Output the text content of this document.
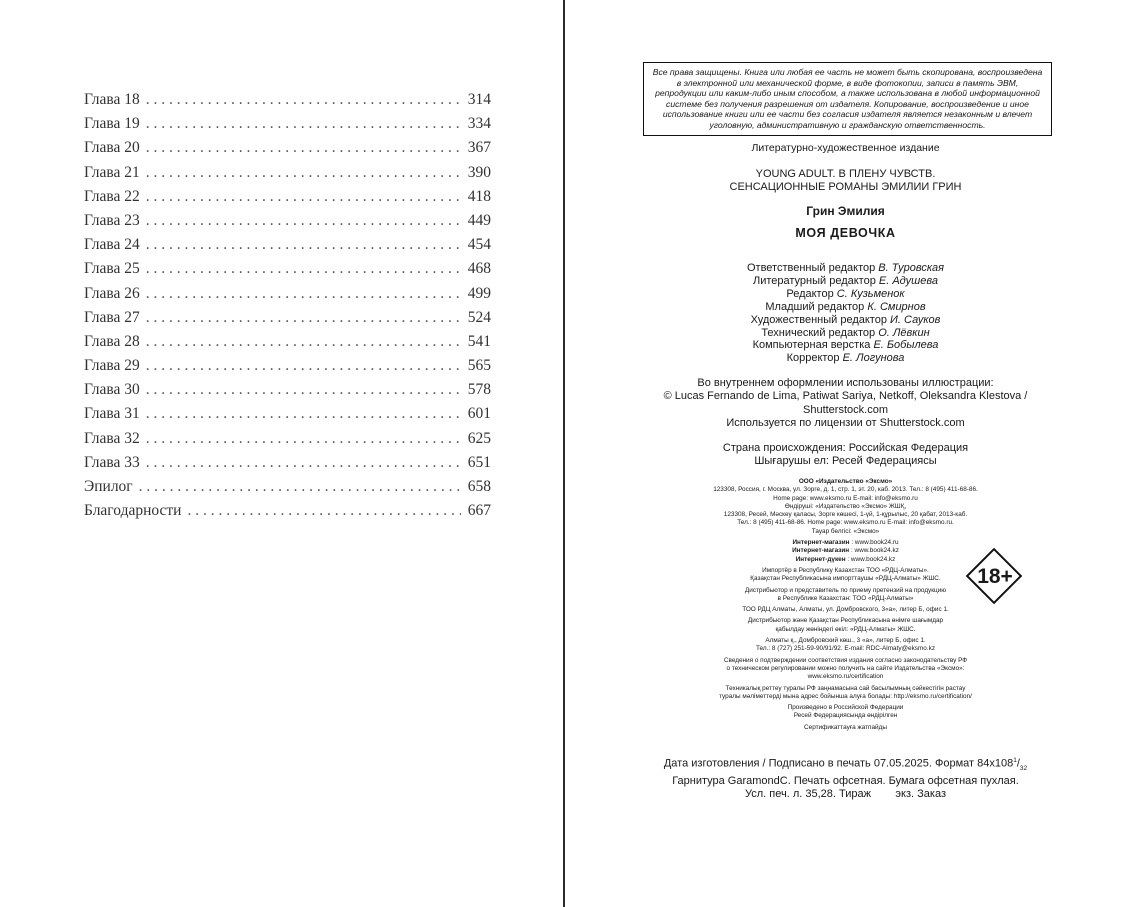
Глава 18 . . .	314
Глава 19 . . .	334
Глава 20 . . .	367
Глава 21 . . .	390
Глава 22 . . .	418
Глава 23 . . .	449
Глава 24 . . .	454
Глава 25 . . .	468
Глава 26 . . .	499
Глава 27 . . .	524
Глава 28 . . .	541
Глава 29 . . .	565
Глава 30 . . .	578
Глава 31 . . .	601
Глава 32 . . .	625
Глава 33 . . .	651
Эпилог . . .	658
Благодарности . . .	667
Все права защищены. Книга или любая ее часть не может быть скопирована, воспроизведена в электронной или механической форме, в виде фотокопии, записи в память ЭВМ, репродукции или каким-либо иным способом, а также использована в любой информационной системе без получения разрешения от издателя. Копирование, воспроизведение и иное использование книги или ее части без согласия издателя является незаконным и влечет уголовную, административную и гражданскую ответственность.
Литературно-художественное издание
YOUNG ADULT. В ПЛЕНУ ЧУВСТВ.
СЕНСАЦИОННЫЕ РОМАНЫ ЭМИЛИИ ГРИН
Грин Эмилия
МОЯ ДЕВОЧКА
Ответственный редактор В. Туровская
Литературный редактор Е. Адушева
Редактор С. Кузьменок
Младший редактор К. Смирнов
Художественный редактор И. Сауков
Технический редактор О. Лёвкин
Компьютерная верстка Е. Бобылева
Корректор Е. Логунова
Во внутреннем оформлении использованы иллюстрации:
© Lucas Fernando de Lima, Patiwat Sariya, Netkoff, Oleksandra Klestova /
Shutterstock.com
Используется по лицензии от Shutterstock.com
Страна происхождения: Российская Федерация
Шығарушы ел: Ресей Федерациясы
ООО «Издательство «Эксмо»
123308, Россия, г. Москва, ул. Зорге, д. 1, стр. 1, эт. 20, каб. 2013. Тел.: 8 (495) 411-68-86.
Home page: www.eksmo.ru E-mail: info@eksmo.ru
Өндіруші: «Издательство «Эксмо» ЖШҚ,
123308, Ресей, Мәскеу қаласы, Зорге көшесі, 1-үй, 1-құрылыс, 20 қабат, 2013-каб.
Тел.: 8 (495) 411-68-86. Home page: www.eksmo.ru E-mail: info@eksmo.ru.
Тауар белгісі: «Эксмо»
Интернет-магазин : www.book24.ru
Интернет-магазин : www.book24.kz
Интернет-дүкен : www.book24.kz
Импортёр в Республику Казахстан ТОО «РДЦ-Алматы».
Қазақстан Республикасына импорттаушы «РДЦ-Алматы» ЖШС.
Дистрибьютор и представитель по приему претензий на продукцию
в Республике Казахстан: ТОО «РДЦ-Алматы»
ТОО РДЦ Алматы, Алматы, ул. Домбровского, 3«а», литер Б, офис 1.
Дистрибьютор және Қазақстан Республикасына өнімге шағымдар
қабылдау жөніндегі өкіл: «РДЦ-Алматы» ЖШС.
Алматы қ., Домбровский көш., 3 «а», литер Б, офис 1.
Тел.: 8 (727) 251-59-90/91/92. E-mail: RDC-Almaty@eksmo.kz
Сведения о подтверждении соответствия издания согласно законодательству РФ
о техническом регулировании можно получить на сайте Издательства «Эксмо»:
www.eksmo.ru/certification
Техникалық реттеу туралы РФ заңнамасына сай басылымның сәйкестігін растау
туралы мәліметтерді мына адрес бойынша алуға болады: http://eksmo.ru/certification/
Произведено в Российской Федерации
Ресей Федерациясында өндірілген
Сертификаттауға жатпайды
18+
Дата изготовления / Подписано в печать 07.05.2025. Формат $84x108^1/_{32}$
Гарнитура GaramondC. Печать офсетная. Бумага офсетная пухлая.
Усл. печ. л. 35,28. Тираж        экз. Заказ
